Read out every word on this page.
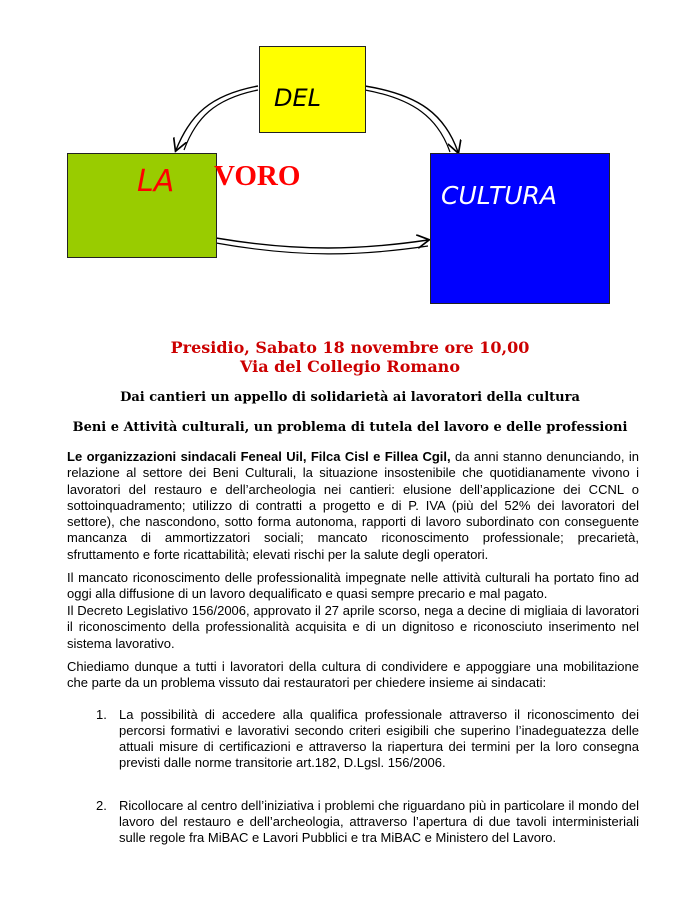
DEL
LA VORO
CULTURA
Presidio, Sabato 18 novembre ore 10,00
Via del Collegio Romano
Dai cantieri un appello di solidarietà ai lavoratori della cultura
Beni e Attività culturali, un problema di tutela del lavoro e delle professioni

Le organizzazioni sindacali Feneal Uil, Filca Cisl e Fillea Cgil, da anni stanno denunciando, in relazione al settore dei Beni Culturali, la situazione insostenibile che quotidianamente vivono i lavoratori del restauro e dell’archeologia nei cantieri: elusione dell’applicazione dei CCNL o sottoinquadramento; utilizzo di contratti a progetto e di P. IVA (più del 52% dei lavoratori del settore), che nascondono, sotto forma autonoma, rapporti di lavoro subordinato con conseguente mancanza di ammortizzatori sociali; mancato riconoscimento professionale; precarietà, sfruttamento e forte ricattabilità; elevati rischi per la salute degli operatori.

Il mancato riconoscimento delle professionalità impegnate nelle attività culturali ha portato fino ad oggi alla diffusione di un lavoro dequalificato e quasi sempre precario e mal pagato.

Il Decreto Legislativo 156/2006, approvato il 27 aprile scorso, nega a decine di migliaia di lavoratori il riconoscimento della professionalità acquisita e di un dignitoso e riconosciuto inserimento nel sistema lavorativo.

Chiediamo dunque a tutti i lavoratori della cultura di condividere e appoggiare una mobilitazione che parte da un problema vissuto dai restauratori per chiedere insieme ai sindacati:

1. La possibilità di accedere alla qualifica professionale attraverso il riconoscimento dei percorsi formativi e lavorativi secondo criteri esigibili che superino l’inadeguatezza delle attuali misure di certificazioni e attraverso la riapertura dei termini per la loro consegna previsti dalle norme transitorie art.182, D.Lgsl. 156/2006.
2. Ricollocare al centro dell’iniziativa i problemi che riguardano più in particolare il mondo del lavoro del restauro e dell’archeologia, attraverso l’apertura di due tavoli interministeriali sulle regole fra MiBAC e Lavori Pubblici e tra MiBAC e Ministero del Lavoro.
